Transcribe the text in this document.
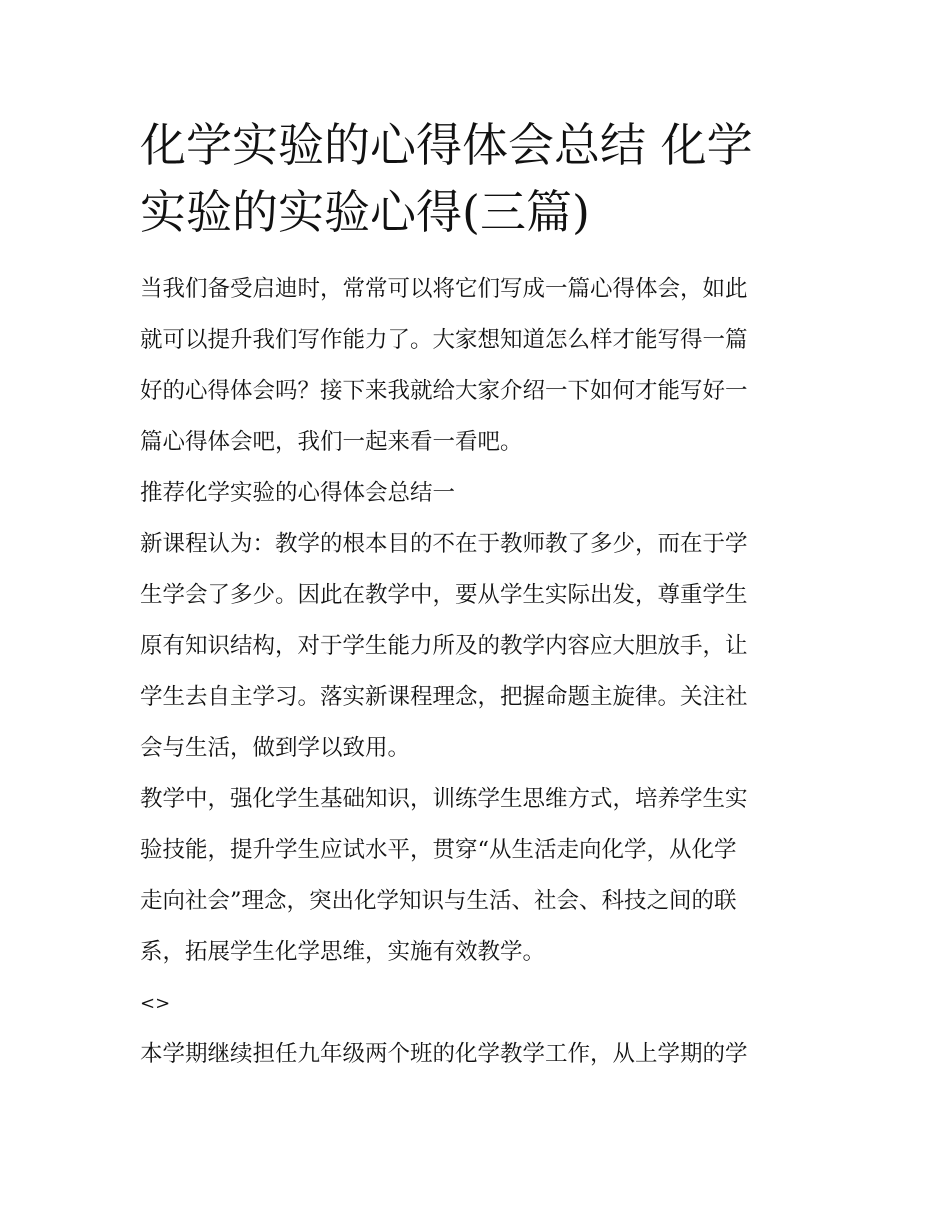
化学实验的心得体会总结 化学
实验的实验心得(三篇)

当我们备受启迪时，常常可以将它们写成一篇心得体会，如此
就可以提升我们写作能力了。大家想知道怎么样才能写得一篇
好的心得体会吗？接下来我就给大家介绍一下如何才能写好一
篇心得体会吧，我们一起来看一看吧。

推荐化学实验的心得体会总结一

新课程认为：教学的根本目的不在于教师教了多少，而在于学
生学会了多少。因此在教学中，要从学生实际出发，尊重学生
原有知识结构，对于学生能力所及的教学内容应大胆放手，让
学生去自主学习。落实新课程理念，把握命题主旋律。关注社
会与生活，做到学以致用。

教学中，强化学生基础知识，训练学生思维方式，培养学生实
验技能，提升学生应试水平，贯穿“从生活走向化学，从化学
走向社会”理念，突出化学知识与生活、社会、科技之间的联
系，拓展学生化学思维，实施有效教学。

<>

本学期继续担任九年级两个班的化学教学工作，从上学期的学
